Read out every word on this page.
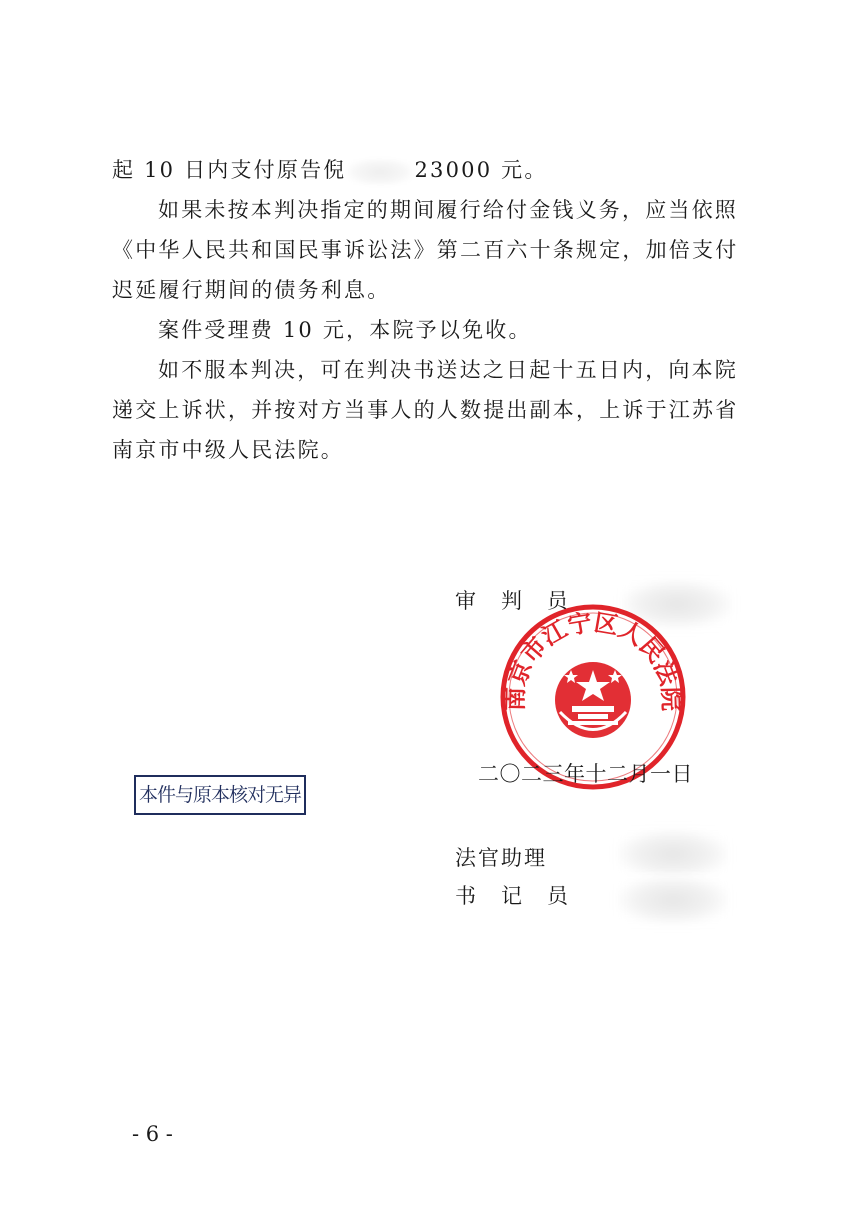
起 10 日内支付原告倪	23000 元。

如果未按本判决指定的期间履行给付金钱义务，应当依照《中华人民共和国民事诉讼法》第二百六十条规定，加倍支付迟延履行期间的债务利息。

案件受理费 10 元，本院予以免收。

如不服本判决，可在判决书送达之日起十五日内，向本院递交上诉状，并按对方当事人的人数提出副本，上诉于江苏省南京市中级人民法院。

审　判　员
南京市江宁区人民法院
二〇二三年十二月一日
本件与原本核对无异
法官助理
书　记　员
- 6 -
